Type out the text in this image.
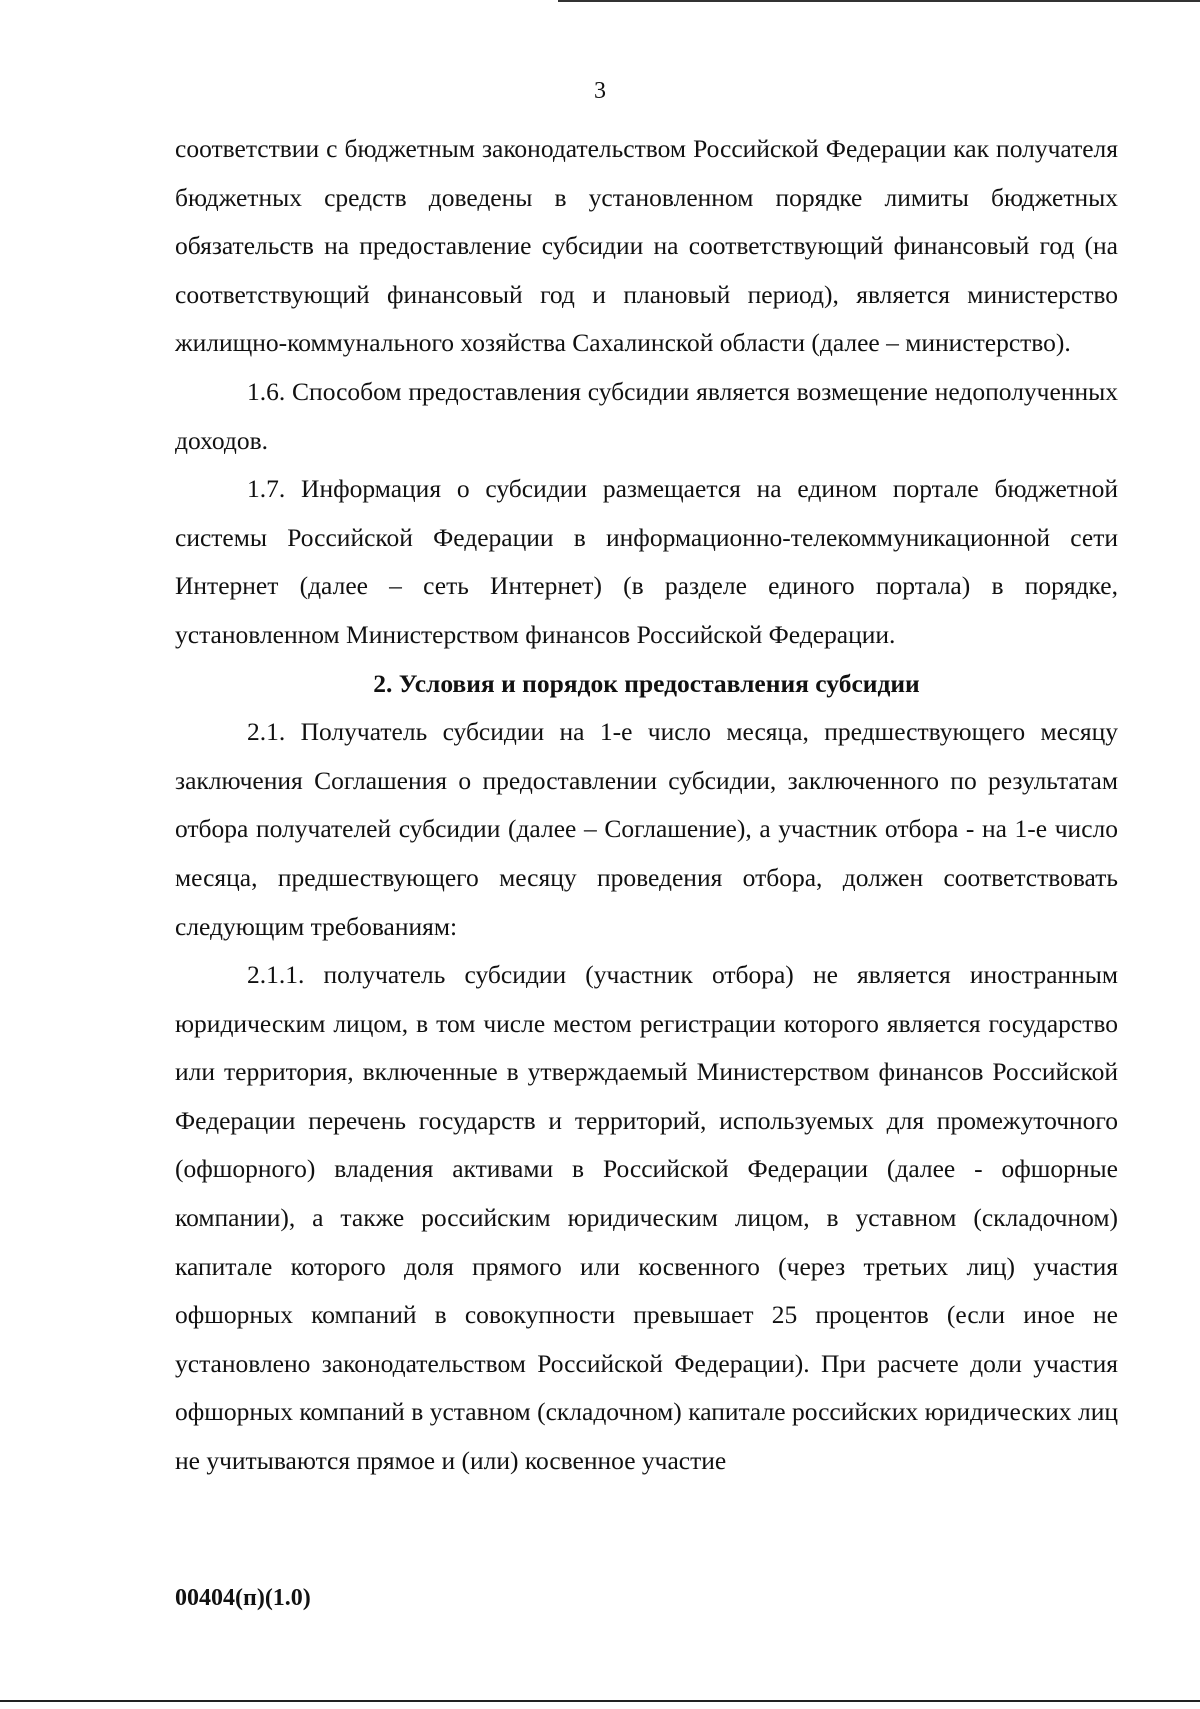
3

соответствии с бюджетным законодательством Российской Федерации как получателя бюджетных средств доведены в установленном порядке лимиты бюджетных обязательств на предоставление субсидии на соответствующий финансовый год (на соответствующий финансовый год и плановый период), является министерство жилищно-коммунального хозяйства Сахалинской области (далее – министерство).

1.6. Способом предоставления субсидии является возмещение недополученных доходов.

1.7. Информация о субсидии размещается на едином портале бюджетной системы Российской Федерации в информационно-телекоммуникационной сети Интернет (далее – сеть Интернет) (в разделе единого портала) в порядке, установленном Министерством финансов Российской Федерации.

2. Условия и порядок предоставления субсидии

2.1. Получатель субсидии на 1-е число месяца, предшествующего месяцу заключения Соглашения о предоставлении субсидии, заключенного по результатам отбора получателей субсидии (далее – Соглашение), а участник отбора - на 1-е число месяца, предшествующего месяцу проведения отбора, должен соответствовать следующим требованиям:

2.1.1. получатель субсидии (участник отбора) не является иностранным юридическим лицом, в том числе местом регистрации которого является государство или территория, включенные в утверждаемый Министерством финансов Российской Федерации перечень государств и территорий, используемых для промежуточного (офшорного) владения активами в Российской Федерации (далее - офшорные компании), а также российским юридическим лицом, в уставном (складочном) капитале которого доля прямого или косвенного (через третьих лиц) участия офшорных компаний в совокупности превышает 25 процентов (если иное не установлено законодательством Российской Федерации). При расчете доли участия офшорных компаний в уставном (складочном) капитале российских юридических лиц не учитываются прямое и (или) косвенное участие

00404(п)(1.0)
